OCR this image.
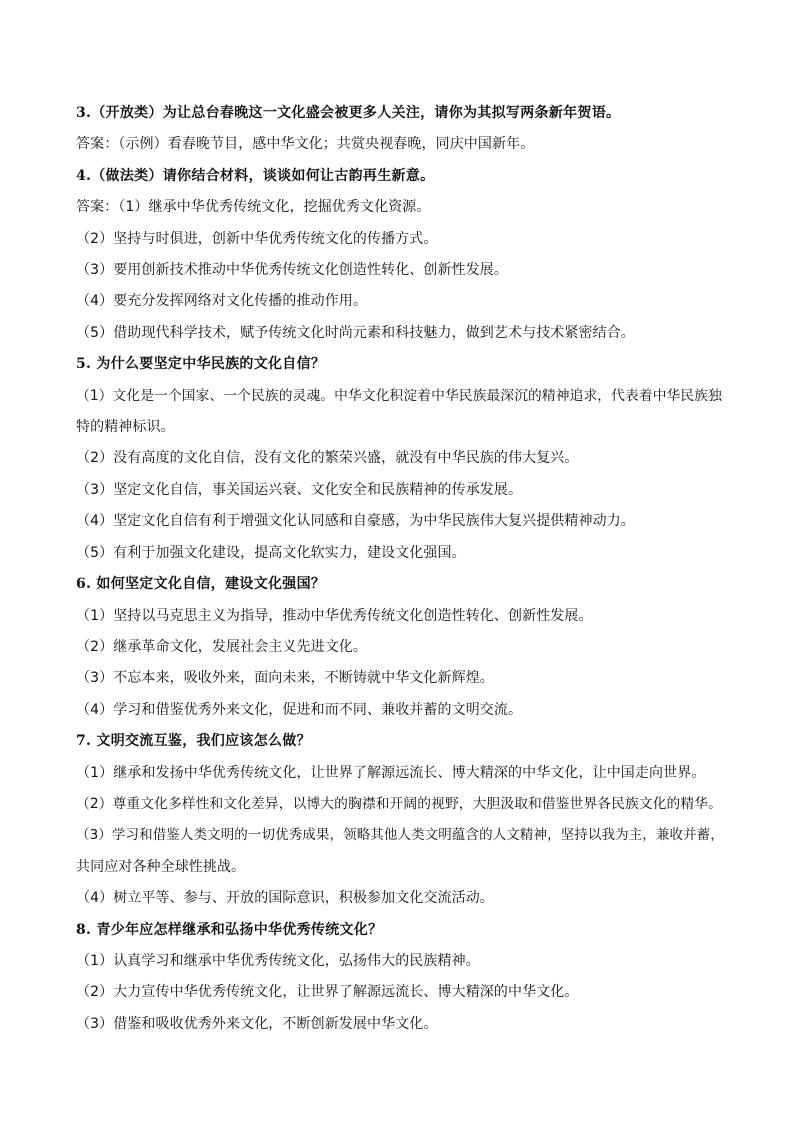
3.（开放类）为让总台春晚这一文化盛会被更多人关注，请你为其拟写两条新年贺语。
答案：（示例）看春晚节目，感中华文化；共赏央视春晚，同庆中国新年。
4.（做法类）请你结合材料，谈谈如何让古韵再生新意。
答案：（1）继承中华优秀传统文化，挖掘优秀文化资源。
（2）坚持与时俱进，创新中华优秀传统文化的传播方式。
（3）要用创新技术推动中华优秀传统文化创造性转化、创新性发展。
（4）要充分发挥网络对文化传播的推动作用。
（5）借助现代科学技术，赋予传统文化时尚元素和科技魅力，做到艺术与技术紧密结合。
5. 为什么要坚定中华民族的文化自信？
（1）文化是一个国家、一个民族的灵魂。中华文化积淀着中华民族最深沉的精神追求，代表着中华民族独
特的精神标识。
（2）没有高度的文化自信，没有文化的繁荣兴盛，就没有中华民族的伟大复兴。
（3）坚定文化自信，事关国运兴衰、文化安全和民族精神的传承发展。
（4）坚定文化自信有利于增强文化认同感和自豪感，为中华民族伟大复兴提供精神动力。
（5）有利于加强文化建设，提高文化软实力，建设文化强国。
6. 如何坚定文化自信，建设文化强国？
（1）坚持以马克思主义为指导，推动中华优秀传统文化创造性转化、创新性发展。
（2）继承革命文化，发展社会主义先进文化。
（3）不忘本来，吸收外来，面向未来，不断铸就中华文化新辉煌。
（4）学习和借鉴优秀外来文化，促进和而不同、兼收并蓄的文明交流。
7. 文明交流互鉴，我们应该怎么做？
（1）继承和发扬中华优秀传统文化，让世界了解源远流长、博大精深的中华文化，让中国走向世界。
（2）尊重文化多样性和文化差异，以博大的胸襟和开阔的视野，大胆汲取和借鉴世界各民族文化的精华。
（3）学习和借鉴人类文明的一切优秀成果，领略其他人类文明蕴含的人文精神，坚持以我为主，兼收并蓄，
共同应对各种全球性挑战。
（4）树立平等、参与、开放的国际意识，积极参加文化交流活动。
8. 青少年应怎样继承和弘扬中华优秀传统文化？
（1）认真学习和继承中华优秀传统文化，弘扬伟大的民族精神。
（2）大力宣传中华优秀传统文化，让世界了解源远流长、博大精深的中华文化。
（3）借鉴和吸收优秀外来文化，不断创新发展中华文化。
